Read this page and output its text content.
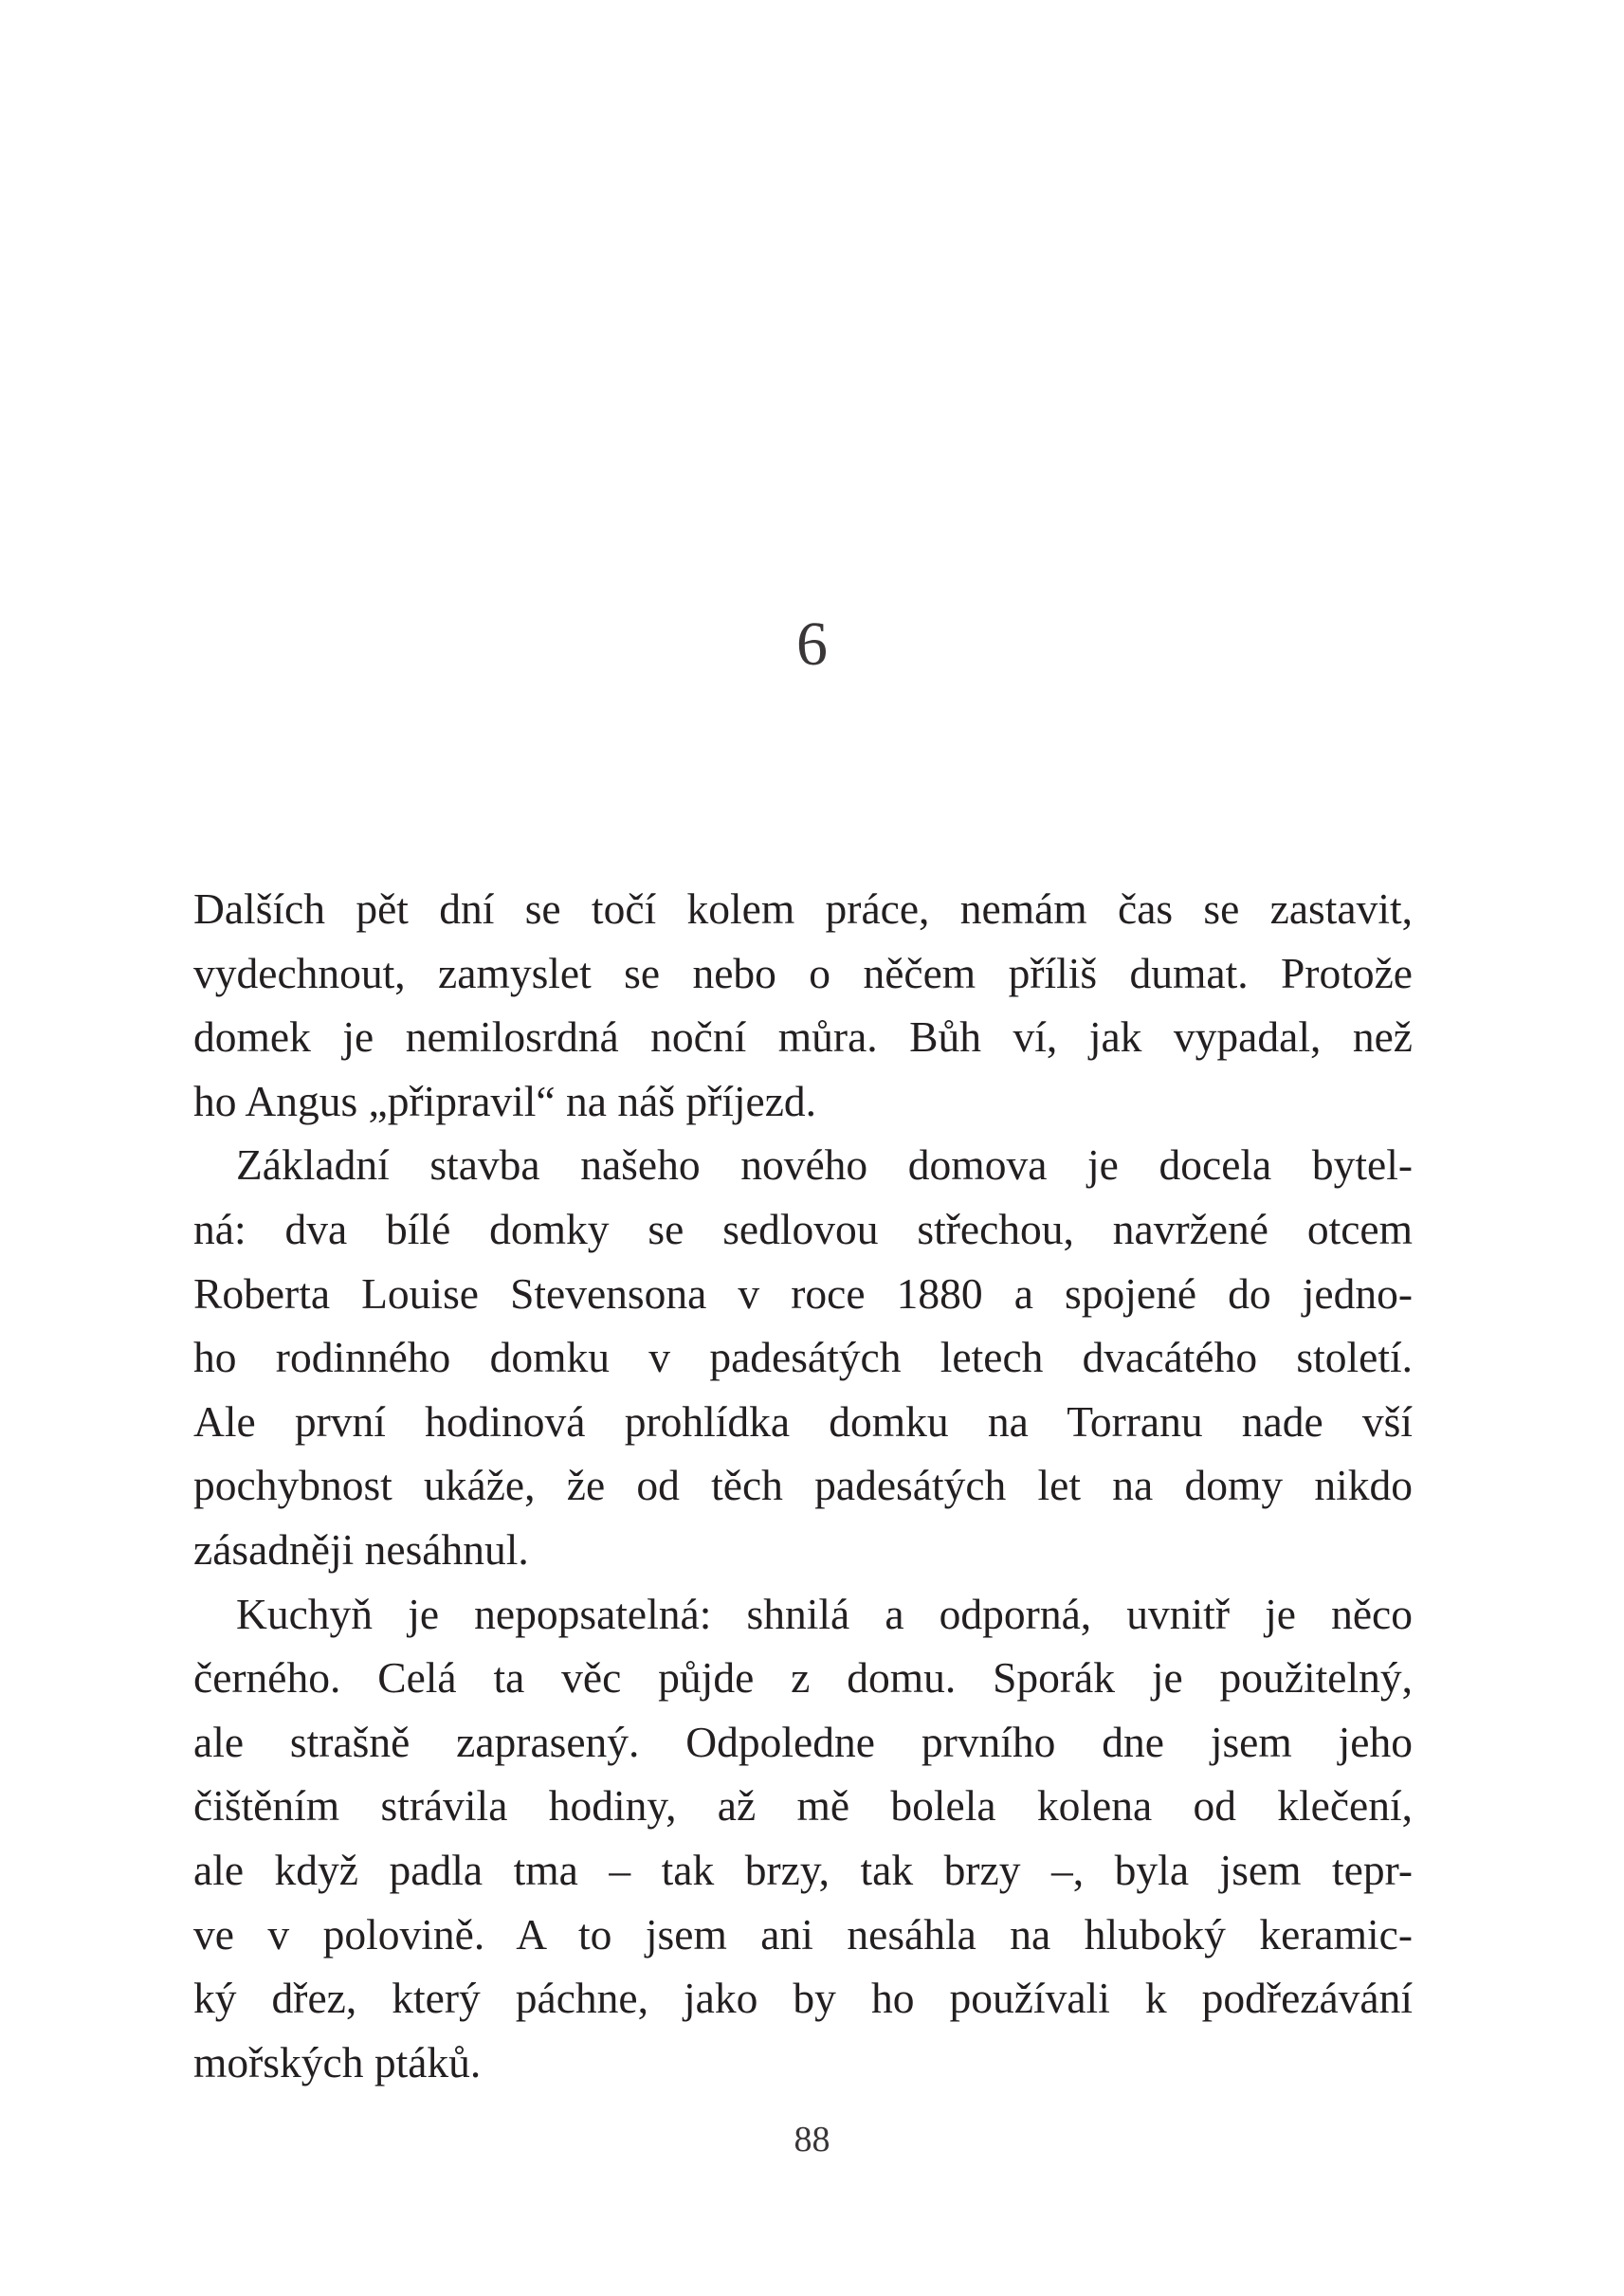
6
Dalších pět dní se točí kolem práce, nemám čas se zastavit,
vydechnout, zamyslet se nebo o něčem příliš dumat. Protože
domek je nemilosrdná noční můra. Bůh ví, jak vypadal, než
ho Angus „připravil“ na náš příjezd.
Základní stavba našeho nového domova je docela bytel-
ná: dva bílé domky se sedlovou střechou, navržené otcem
Roberta Louise Stevensona v roce 1880 a spojené do jedno-
ho rodinného domku v padesátých letech dvacátého století.
Ale první hodinová prohlídka domku na Torranu nade vší
pochybnost ukáže, že od těch padesátých let na domy nikdo
zásadněji nesáhnul.
Kuchyň je nepopsatelná: shnilá a odporná, uvnitř je něco
černého. Celá ta věc půjde z domu. Sporák je použitelný,
ale strašně zaprasený. Odpoledne prvního dne jsem jeho
čištěním strávila hodiny, až mě bolela kolena od klečení,
ale když padla tma – tak brzy, tak brzy –, byla jsem tepr-
ve v polovině. A to jsem ani nesáhla na hluboký keramic-
ký dřez, který páchne, jako by ho používali k podřezávání
mořských ptáků.
88
